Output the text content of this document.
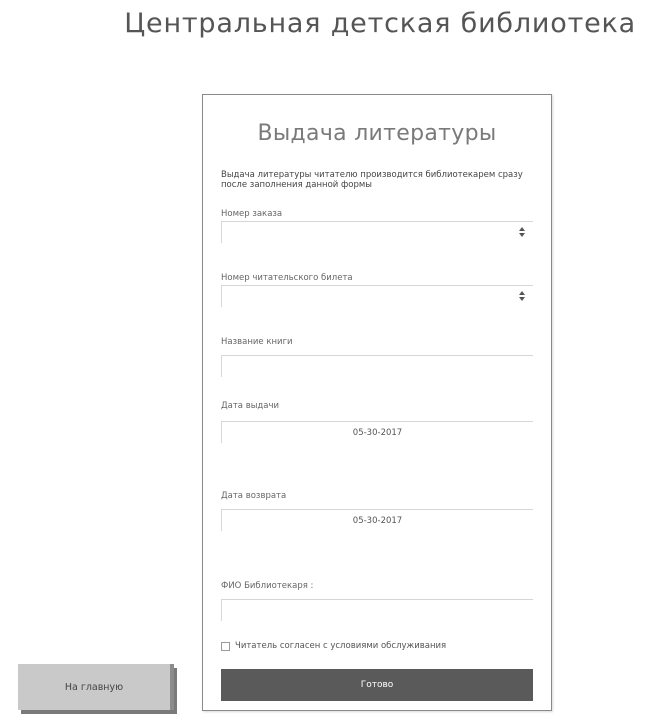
Центральная детская библиотека
Выдача литературы

Выдача литературы читателю производится библиотекарем сразу после заполнения данной формы

Номер заказа
Номер читательского билета
Название книги
Дата выдачи
05-30-2017
Дата возврата
05-30-2017
ФИО Библиотекаря :
Читатель согласен с условиями обслуживания
Готово
На главную
